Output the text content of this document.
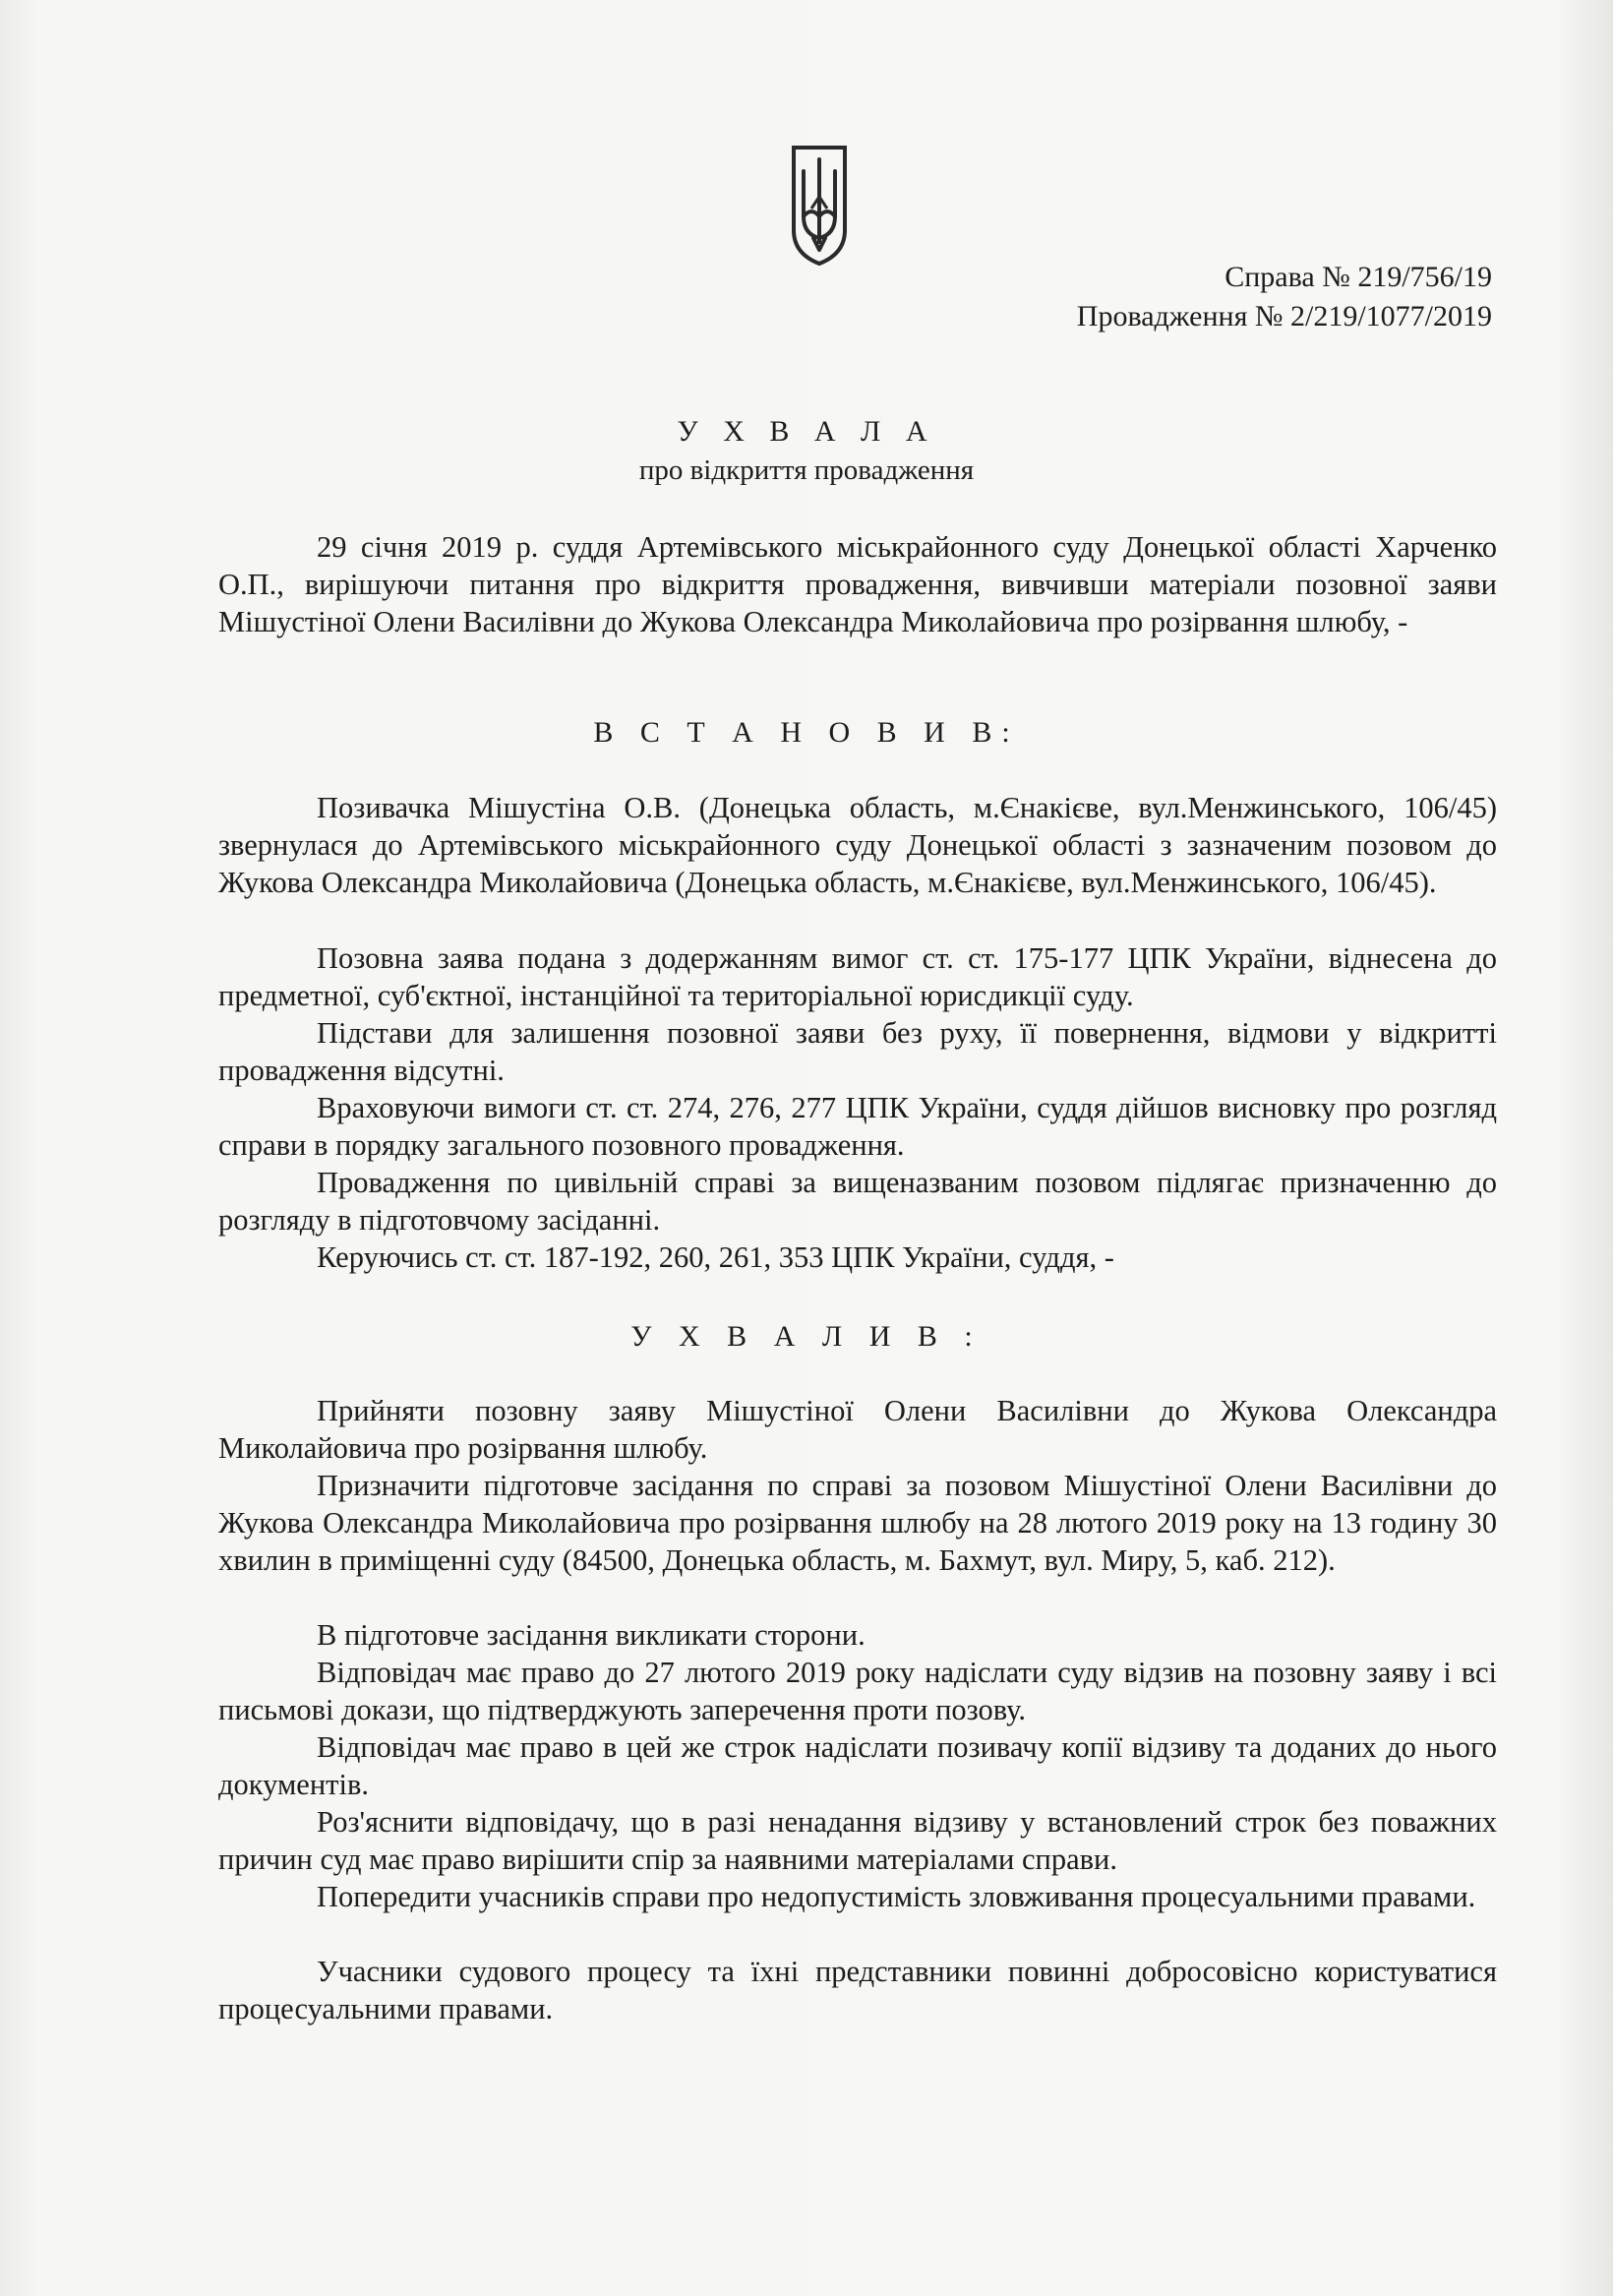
Справа № 219/756/19
Провадження № 2/219/1077/2019
У Х В А Л А
про відкриття провадження
29 січня 2019 р. суддя Артемівського міськрайонного суду Донецької області Харченко О.П., вирішуючи питання про відкриття провадження, вивчивши матеріали позовної заяви Мішустіної Олени Василівни до Жукова Олександра Миколайовича про розірвання шлюбу, -
В С Т А Н О В И В:
Позивачка Мішустіна О.В. (Донецька область, м.Єнакієве, вул.Менжинського, 106/45) звернулася до Артемівського міськрайонного суду Донецької області з зазначеним позовом до Жукова Олександра Миколайовича (Донецька область, м.Єнакієве, вул.Менжинського, 106/45).
Позовна заява подана з додержанням вимог ст. ст. 175-177 ЦПК України, віднесена до предметної, суб'єктної, інстанційної та територіальної юрисдикції суду.
Підстави для залишення позовної заяви без руху, її повернення, відмови у відкритті провадження відсутні.
Враховуючи вимоги ст. ст. 274, 276, 277 ЦПК України, суддя дійшов висновку про розгляд справи в порядку загального позовного провадження.
Провадження по цивільній справі за вищеназваним позовом підлягає призначенню до розгляду в підготовчому засіданні.
Керуючись ст. ст. 187-192, 260, 261, 353 ЦПК України, суддя, -
У Х В А Л И В :
Прийняти позовну заяву Мішустіної Олени Василівни до Жукова Олександра Миколайовича про розірвання шлюбу.
Призначити підготовче засідання по справі за позовом Мішустіної Олени Василівни до Жукова Олександра Миколайовича про розірвання шлюбу на 28 лютого 2019 року на 13 годину 30 хвилин в приміщенні суду (84500, Донецька область, м. Бахмут, вул. Миру, 5, каб. 212).
В підготовче засідання викликати сторони.
Відповідач має право до 27 лютого 2019 року надіслати суду відзив на позовну заяву і всі письмові докази, що підтверджують заперечення проти позову.
Відповідач має право в цей же строк надіслати позивачу копії відзиву та доданих до нього документів.
Роз'яснити відповідачу, що в разі ненадання відзиву у встановлений строк без поважних причин суд має право вирішити спір за наявними матеріалами справи.
Попередити учасників справи про недопустимість зловживання процесуальними правами.
Учасники судового процесу та їхні представники повинні добросовісно користуватися процесуальними правами.
